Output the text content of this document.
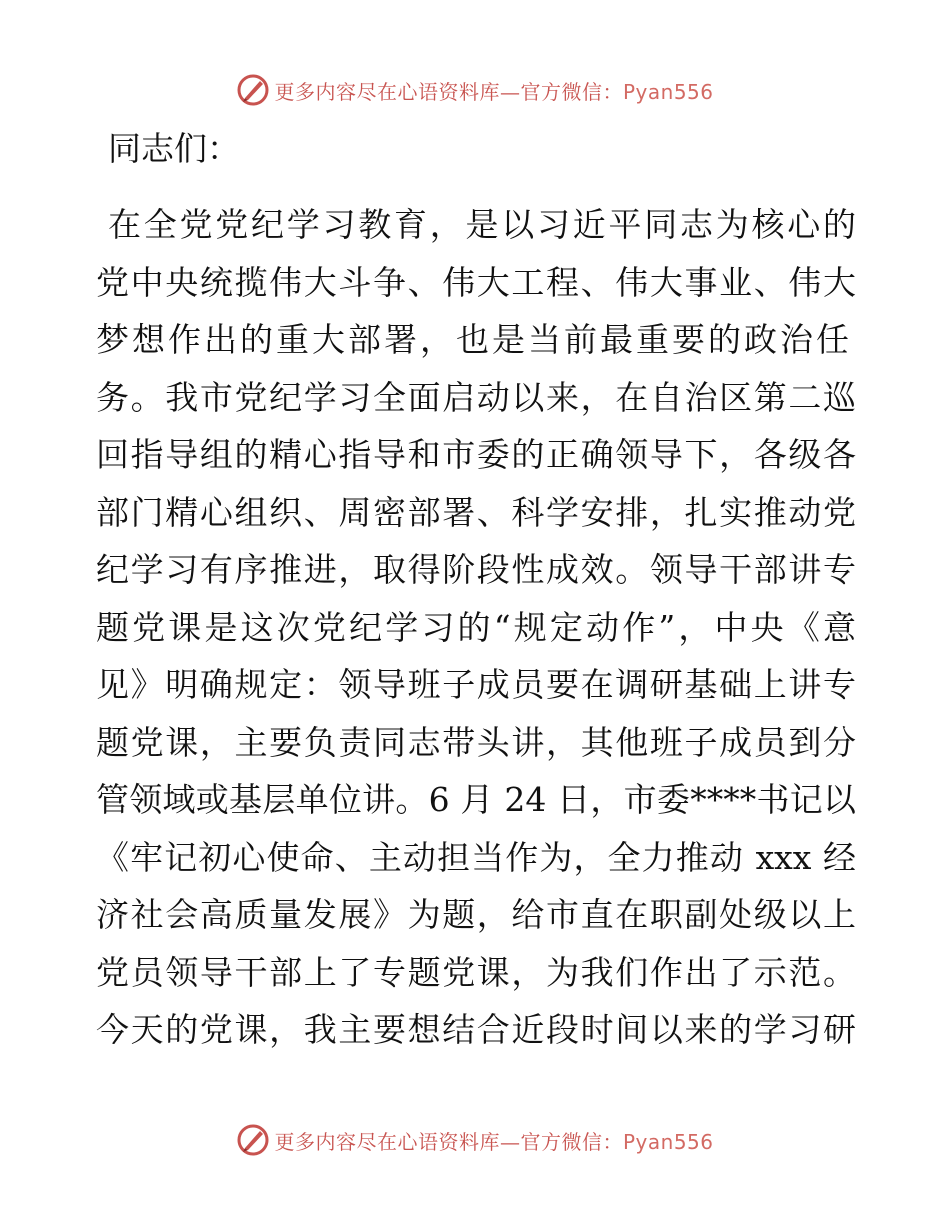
更多内容尽在心语资料库—官方微信：Pyan556
同志们：
在全党党纪学习教育，是以习近平同志为核心的
党中央统揽伟大斗争、伟大工程、伟大事业、伟大
梦想作出的重大部署，也是当前最重要的政治任
务。我市党纪学习全面启动以来，在自治区第二巡
回指导组的精心指导和市委的正确领导下，各级各
部门精心组织、周密部署、科学安排，扎实推动党
纪学习有序推进，取得阶段性成效。领导干部讲专
题党课是这次党纪学习的“规定动作”，中央《意
见》明确规定：领导班子成员要在调研基础上讲专
题党课，主要负责同志带头讲，其他班子成员到分
管领域或基层单位讲。6 月 24 日，市委****书记以
《牢记初心使命、主动担当作为，全力推动 xxx 经
济社会高质量发展》为题，给市直在职副处级以上
党员领导干部上了专题党课，为我们作出了示范。
今天的党课，我主要想结合近段时间以来的学习研
更多内容尽在心语资料库—官方微信：Pyan556
